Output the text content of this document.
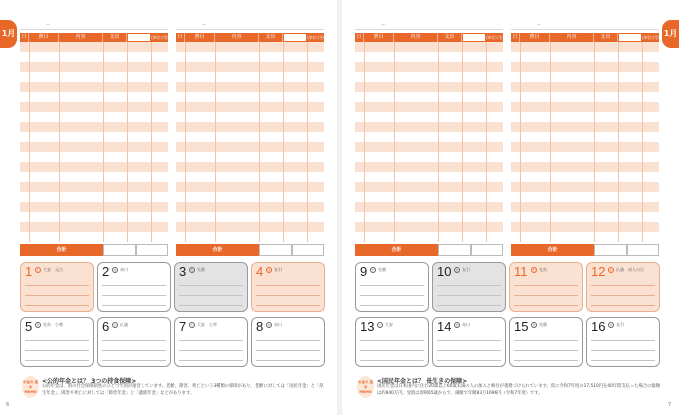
1月
—
日	費目	内容	支出	(単位:円)
合計
—
日	費目	内容	支出	(単位:円)
合計
1	大 大安　元日	2	赤 赤口	3	先 先勝	4	友 友引
5	先 先負　小寒	6	仏 仏滅	7	大 大安　七草	8	赤 赤口
お金の 基本 MEMO
<公的年金とは？ 3つの持食保障>
公的年金は、国の社会保障制度のひとつで国が運営しています。老齢、障害、死亡という3種類の保障があり、老齢に対しては「国民年金」と「厚生年金」、障害や死亡に対しては「障害年金」と「遺族年金」などがあります。
6
1月
—
日	費目	内容	支出	(単位:円)
合計
—
日	費目	内容	支出	(単位:円)
合計
9	先 先勝	10	友 友引	11	先 先負	12	仏 仏滅　成人の日
13	大 大安	14	赤 赤口	15	先 先勝	16	友 友引
お金の 基本 MEMO
<国民年金とは？ 長生きの保障>
国民年金は日本国内に住む20歳以上60歳未満の人の加入と納付が義務づけられています。仮に令和7年度の17,510円を40年間支払った場合の総額は約840万円。受給は原則65歳からで、満額で年額83万1696円（令和7年度）です。
7
